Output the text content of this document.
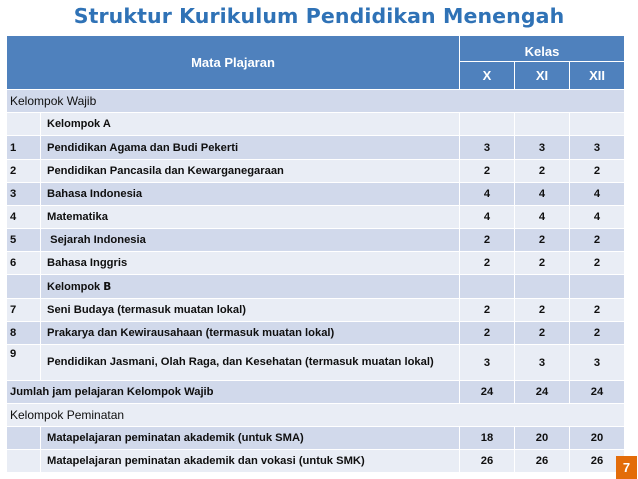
Struktur Kurikulum Pendidikan Menengah
Mata Plajaran		Kelas		
		X	XI	XII
Kelompok Wajib				
	Kelompok A			
1	Pendidikan Agama dan Budi Pekerti	3	3	3
2	Pendidikan Pancasila dan Kewarganegaraan	2	2	2
3	Bahasa Indonesia	4	4	4
4	Matematika	4	4	4
5	Sejarah Indonesia	2	2	2
6	Bahasa Inggris	2	2	2
	Kelompok B			
7	Seni Budaya (termasuk muatan lokal)	2	2	2
8	Prakarya dan Kewirausahaan (termasuk muatan lokal)	2	2	2
9	Pendidikan Jasmani, Olah Raga, dan Kesehatan (termasuk muatan lokal)	3	3	3
Jumlah jam pelajaran Kelompok Wajib		24	24	24
Kelompok Peminatan				
	Matapelajaran peminatan akademik (untuk SMA)	18	20	20
	Matapelajaran peminatan akademik dan vokasi (untuk SMK)	26	26	26	7
